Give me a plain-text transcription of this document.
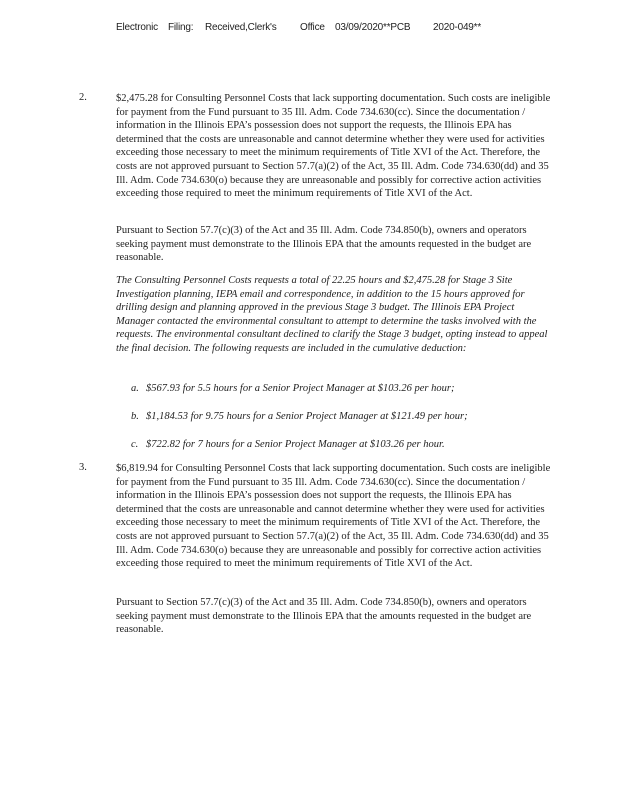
Electronic Filing: Received,Clerk's Office 03/09/2020**PCB 2020-049**
2.	$2,475.28 for Consulting Personnel Costs that lack supporting documentation. Such costs are ineligible for payment from the Fund pursuant to 35 Ill. Adm. Code 734.630(cc). Since the documentation / information in the Illinois EPA’s possession does not support the requests, the Illinois EPA has determined that the costs are unreasonable and cannot determine whether they were used for activities exceeding those necessary to meet the minimum requirements of Title XVI of the Act. Therefore, the costs are not approved pursuant to Section 57.7(a)(2) of the Act, 35 Ill. Adm. Code 734.630(dd) and 35 Ill. Adm. Code 734.630(o) because they are unreasonable and possibly for corrective action activities exceeding those required to meet the minimum requirements of Title XVI of the Act.
Pursuant to Section 57.7(c)(3) of the Act and 35 Ill. Adm. Code 734.850(b), owners and operators seeking payment must demonstrate to the Illinois EPA that the amounts requested in the budget are reasonable.
The Consulting Personnel Costs requests a total of 22.25 hours and $2,475.28 for Stage 3 Site Investigation planning, IEPA email and correspondence, in addition to the 15 hours approved for drilling design and planning approved in the previous Stage 3 budget. The Illinois EPA Project Manager contacted the environmental consultant to attempt to determine the tasks involved with the requests. The environmental consultant declined to clarify the Stage 3 budget, opting instead to appeal the final decision. The following requests are included in the cumulative deduction:
a. $567.93 for 5.5 hours for a Senior Project Manager at $103.26 per hour;
b. $1,184.53 for 9.75 hours for a Senior Project Manager at $121.49 per hour;
c. $722.82 for 7 hours for a Senior Project Manager at $103.26 per hour.
3.	$6,819.94 for Consulting Personnel Costs that lack supporting documentation. Such costs are ineligible for payment from the Fund pursuant to 35 Ill. Adm. Code 734.630(cc). Since the documentation / information in the Illinois EPA’s possession does not support the requests, the Illinois EPA has determined that the costs are unreasonable and cannot determine whether they were used for activities exceeding those necessary to meet the minimum requirements of Title XVI of the Act. Therefore, the costs are not approved pursuant to Section 57.7(a)(2) of the Act, 35 Ill. Adm. Code 734.630(dd) and 35 Ill. Adm. Code 734.630(o) because they are unreasonable and possibly for corrective action activities exceeding those required to meet the minimum requirements of Title XVI of the Act.
Pursuant to Section 57.7(c)(3) of the Act and 35 Ill. Adm. Code 734.850(b), owners and operators seeking payment must demonstrate to the Illinois EPA that the amounts requested in the budget are reasonable.
